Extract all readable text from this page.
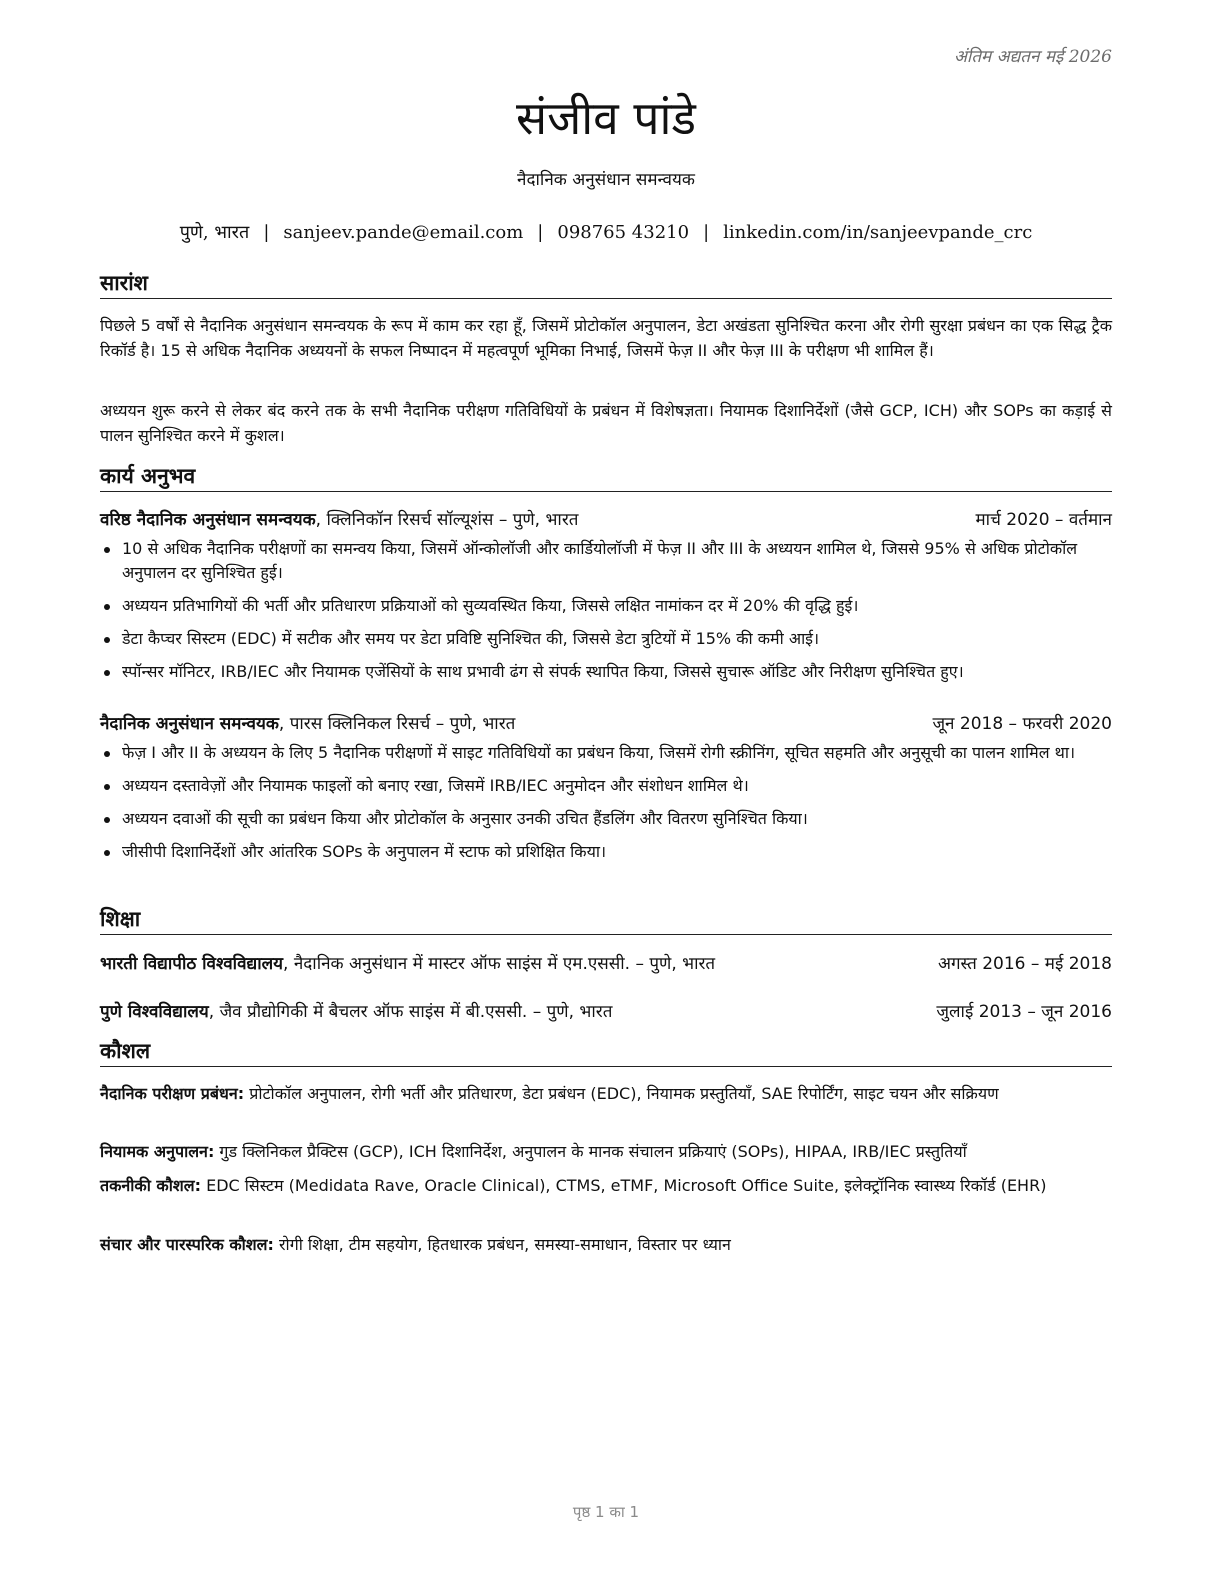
अंतिम अद्यतन मई 2026
संजीव पांडे
नैदानिक अनुसंधान समन्वयक
पुणे, भारत | sanjeev.pande@email.com | 098765 43210 | linkedin.com/in/sanjeevpande_crc
सारांश
पिछले 5 वर्षों से नैदानिक अनुसंधान समन्वयक के रूप में काम कर रहा हूँ, जिसमें प्रोटोकॉल अनुपालन, डेटा अखंडता सुनिश्चित करना और रोगी सुरक्षा प्रबंधन का एक सिद्ध ट्रैक रिकॉर्ड है। 15 से अधिक नैदानिक अध्ययनों के सफल निष्पादन में महत्वपूर्ण भूमिका निभाई, जिसमें फेज़ II और फेज़ III के परीक्षण भी शामिल हैं।
अध्ययन शुरू करने से लेकर बंद करने तक के सभी नैदानिक परीक्षण गतिविधियों के प्रबंधन में विशेषज्ञता। नियामक दिशानिर्देशों (जैसे GCP, ICH) और SOPs का कड़ाई से पालन सुनिश्चित करने में कुशल।
कार्य अनुभव
वरिष्ठ नैदानिक अनुसंधान समन्वयक, क्लिनिकॉन रिसर्च सॉल्यूशंस – पुणे, भारत	मार्च 2020 – वर्तमान
10 से अधिक नैदानिक परीक्षणों का समन्वय किया, जिसमें ऑन्कोलॉजी और कार्डियोलॉजी में फेज़ II और III के अध्ययन शामिल थे, जिससे 95% से अधिक प्रोटोकॉल अनुपालन दर सुनिश्चित हुई।
अध्ययन प्रतिभागियों की भर्ती और प्रतिधारण प्रक्रियाओं को सुव्यवस्थित किया, जिससे लक्षित नामांकन दर में 20% की वृद्धि हुई।
डेटा कैप्चर सिस्टम (EDC) में सटीक और समय पर डेटा प्रविष्टि सुनिश्चित की, जिससे डेटा त्रुटियों में 15% की कमी आई।
स्पॉन्सर मॉनिटर, IRB/IEC और नियामक एजेंसियों के साथ प्रभावी ढंग से संपर्क स्थापित किया, जिससे सुचारू ऑडिट और निरीक्षण सुनिश्चित हुए।
नैदानिक अनुसंधान समन्वयक, पारस क्लिनिकल रिसर्च – पुणे, भारत	जून 2018 – फरवरी 2020
फेज़ I और II के अध्ययन के लिए 5 नैदानिक परीक्षणों में साइट गतिविधियों का प्रबंधन किया, जिसमें रोगी स्क्रीनिंग, सूचित सहमति और अनुसूची का पालन शामिल था।
अध्ययन दस्तावेज़ों और नियामक फाइलों को बनाए रखा, जिसमें IRB/IEC अनुमोदन और संशोधन शामिल थे।
अध्ययन दवाओं की सूची का प्रबंधन किया और प्रोटोकॉल के अनुसार उनकी उचित हैंडलिंग और वितरण सुनिश्चित किया।
जीसीपी दिशानिर्देशों और आंतरिक SOPs के अनुपालन में स्टाफ को प्रशिक्षित किया।
शिक्षा
भारती विद्यापीठ विश्वविद्यालय, नैदानिक अनुसंधान में मास्टर ऑफ साइंस में एम.एससी. – पुणे, भारत	अगस्त 2016 – मई 2018
पुणे विश्वविद्यालय, जैव प्रौद्योगिकी में बैचलर ऑफ साइंस में बी.एससी. – पुणे, भारत	जुलाई 2013 – जून 2016
कौशल
नैदानिक परीक्षण प्रबंधन: प्रोटोकॉल अनुपालन, रोगी भर्ती और प्रतिधारण, डेटा प्रबंधन (EDC), नियामक प्रस्तुतियाँ, SAE रिपोर्टिंग, साइट चयन और सक्रियण
नियामक अनुपालन: गुड क्लिनिकल प्रैक्टिस (GCP), ICH दिशानिर्देश, अनुपालन के मानक संचालन प्रक्रियाएं (SOPs), HIPAA, IRB/IEC प्रस्तुतियाँ
तकनीकी कौशल: EDC सिस्टम (Medidata Rave, Oracle Clinical), CTMS, eTMF, Microsoft Office Suite, इलेक्ट्रॉनिक स्वास्थ्य रिकॉर्ड (EHR)
संचार और पारस्परिक कौशल: रोगी शिक्षा, टीम सहयोग, हितधारक प्रबंधन, समस्या-समाधान, विस्तार पर ध्यान
पृष्ठ 1 का 1
